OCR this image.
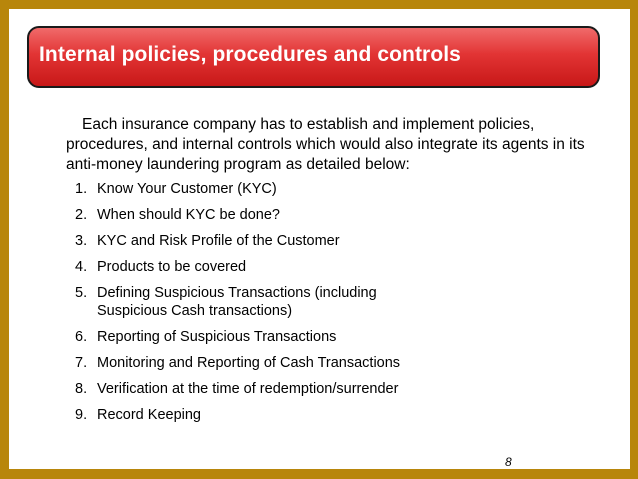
Internal policies, procedures and controls
Each insurance company has to establish and implement policies, procedures, and internal controls which would also integrate its agents in its anti-money laundering program as detailed below:
1. Know Your Customer (KYC)
2. When should KYC be done?
3. KYC and Risk Profile of the Customer
4. Products to be covered
5. Defining Suspicious Transactions (including Suspicious Cash transactions)
6. Reporting of Suspicious Transactions
7. Monitoring and Reporting of Cash Transactions
8. Verification at the time of redemption/surrender
9. Record Keeping
8
